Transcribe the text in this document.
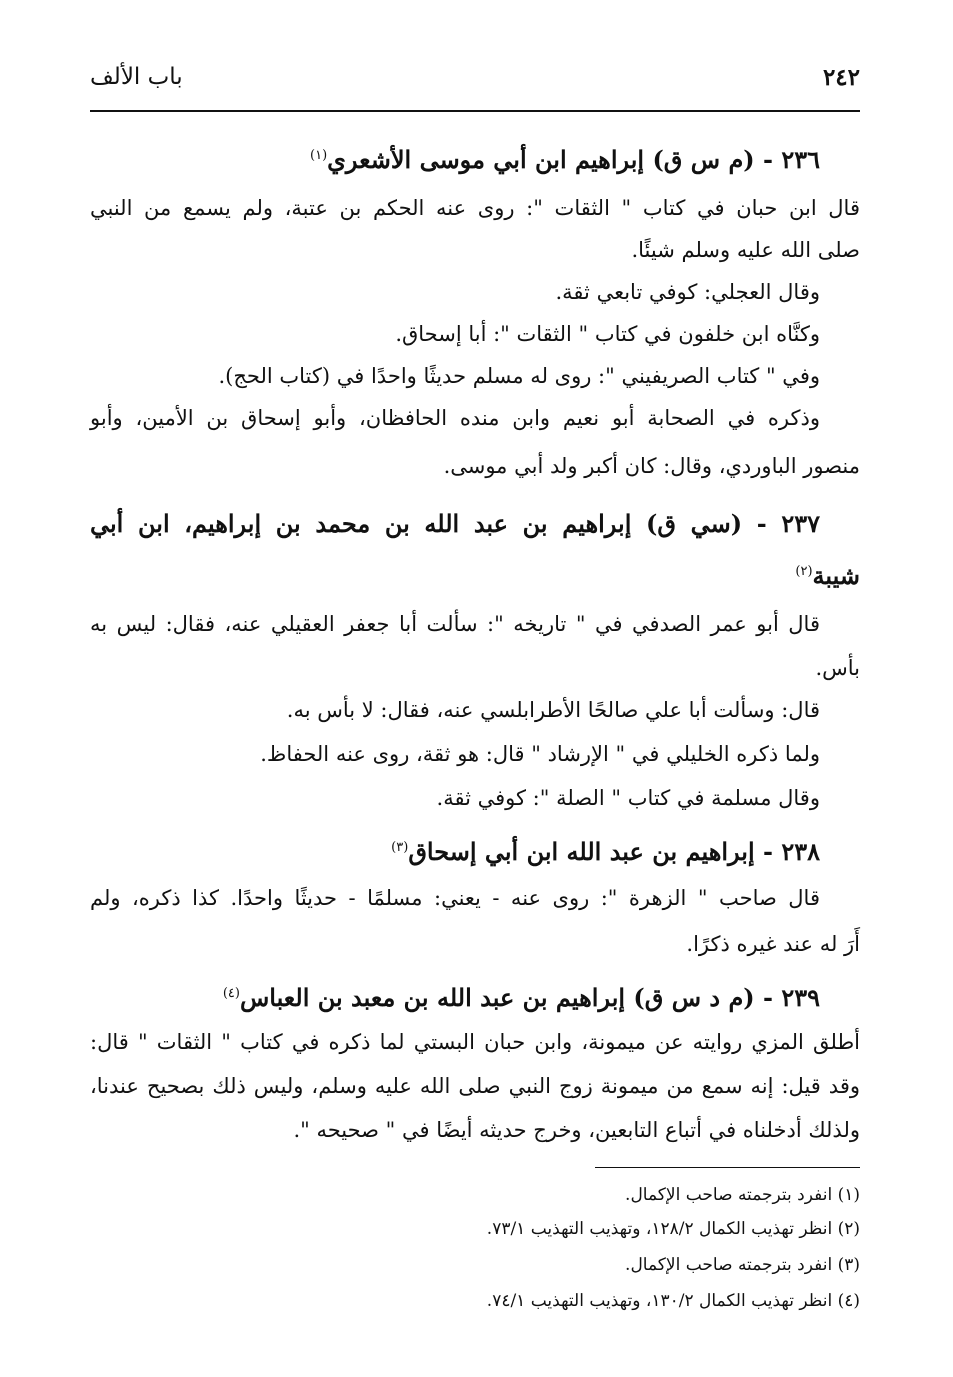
٢٤٢
باب الألف
٢٣٦ - (م س ق) إبراهيم ابن أبي موسى الأشعري$^{(١)}$
قال ابن حبان في كتاب " الثقات ": روى عنه الحكم بن عتبة، ولم يسمع من النبي
صلى الله عليه وسلم شيئًا.
وقال العجلي: كوفي تابعي ثقة.
وكنَّاه ابن خلفون في كتاب " الثقات ": أبا إسحاق.
وفي " كتاب الصريفيني ": روى له مسلم حديثًا واحدًا في (كتاب الحج).
وذكره في الصحابة أبو نعيم وابن منده الحافظان، وأبو إسحاق بن الأمين، وأبو
منصور الباوردي، وقال: كان أكبر ولد أبي موسى.
٢٣٧ - (سي ق) إبراهيم بن عبد الله بن محمد بن إبراهيم، ابن أبي
شيبة$^{(٢)}$
قال أبو عمر الصدفي في " تاريخه ": سألت أبا جعفر العقيلي عنه، فقال: ليس به
بأس.
قال: وسألت أبا علي صالحًا الأطرابلسي عنه، فقال: لا بأس به.
ولما ذكره الخليلي في " الإرشاد " قال: هو ثقة، روى عنه الحفاظ.
وقال مسلمة في كتاب " الصلة ": كوفي ثقة.
٢٣٨ - إبراهيم بن عبد الله ابن أبي إسحاق$^{(٣)}$
قال صاحب " الزهرة ": روى عنه - يعني: مسلمًا - حديثًا واحدًا. كذا ذكره، ولم
أَرَ له عند غيره ذكرًا.
٢٣٩ - (م د س ق) إبراهيم بن عبد الله بن معبد بن العباس$^{(٤)}$
أطلق المزي روايته عن ميمونة، وابن حبان البستي لما ذكره في كتاب " الثقات " قال:
وقد قيل: إنه سمع من ميمونة زوج النبي صلى الله عليه وسلم، وليس ذلك بصحيح عندنا،
ولذلك أدخلناه في أتباع التابعين، وخرج حديثه أيضًا في " صحيحه ".
(١) انفرد بترجمته صاحب الإكمال.
(٢) انظر تهذيب الكمال ١٢٨/٢، وتهذيب التهذيب ٧٣/١.
(٣) انفرد بترجمته صاحب الإكمال.
(٤) انظر تهذيب الكمال ١٣٠/٢، وتهذيب التهذيب ٧٤/١.
